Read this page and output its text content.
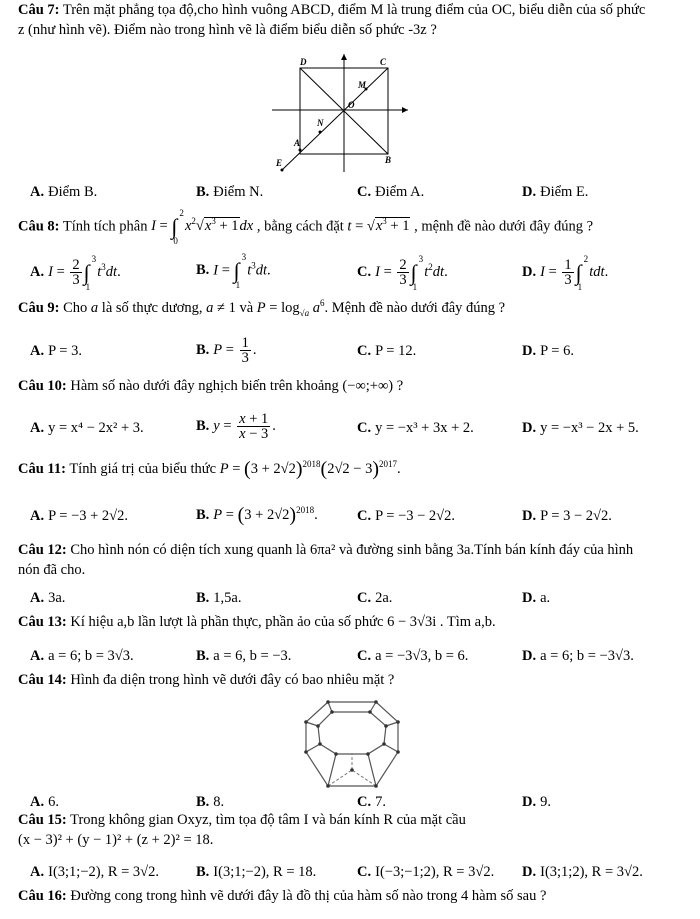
Câu 7: Trên mặt phẳng tọa độ,cho hình vuông ABCD, điểm M là trung điểm của OC, biểu diễn của số phức
z (như hình vẽ). Điểm nào trong hình vẽ là điểm biểu diễn số phức -3z ?
D	C
M
O
N
A
E	B
A. Điểm B.	B. Điểm N.	C. Điểm A.	D. Điểm E.
Câu 8: Tính tích phân I = ∫
2
0
$x^2√x^3 + 1dx$ , bằng cách đặt $t = √x^3 + 1$ , mệnh đề nào dưới đây đúng ?
A. $I = \frac{2}{3}$ ∫
3
1
$t^3dt$.	B. I = ∫
3
1
$t^3dt$.	C. $I = \frac{2}{3}$ ∫
3
1
$t^2dt$.	D. $I = \frac{1}{3}$ ∫
2
1
tdt.
Câu 9: Cho a là số thực dương, a ≠ 1 và $P = \log_{√a} a^6$. Mệnh đề nào dưới đây đúng ?
A. P = 3.	B. $P = \frac{1}{3}$ .	C. P = 12.	D. P = 6.
Câu 10: Hàm số nào dưới đây nghịch biến trên khoảng (−∞;+∞) ?
A. y = x⁴ − 2x² + 3.	B. $y = \frac{x + 1}{x - 3}$ .	C. y = −x³ + 3x + 2.	D. y = −x³ − 2x + 5.
Câu 11: Tính giá trị của biểu thức $P = (3 + 2√2)^{2018}(2√2 - 3)^{2017}$.
A. P = −3 + 2√2.	B. $P = (3 + 2√2)^{2018}$.	C. P = −3 − 2√2.	D. P = 3 − 2√2.
Câu 12: Cho hình nón có diện tích xung quanh là 6πa² và đường sinh bằng 3a.Tính bán kính đáy của hình
nón đã cho.
A. 3a.	B. 1,5a.	C. 2a.	D. a.
Câu 13: Kí hiệu a,b lần lượt là phần thực, phần ảo của số phức 6 − 3√3i . Tìm a,b.
A. a = 6; b = 3√3.	B. a = 6, b = −3.	C. a = −3√3, b = 6.	D. a = 6; b = −3√3.
Câu 14: Hình đa diện trong hình vẽ dưới đây có bao nhiêu mặt ?
A. 6.	B. 8.	C. 7.	D. 9.
Câu 15: Trong không gian Oxyz, tìm tọa độ tâm I và bán kính R của mặt cầu
(x − 3)² + (y − 1)² + (z + 2)² = 18.
A. I(3;1;−2), R = 3√2.	B. I(3;1;−2), R = 18.	C. I(−3;−1;2), R = 3√2. D. I(3;1;2), R = 3√2.
Câu 16: Đường cong trong hình vẽ dưới đây là đồ thị của hàm số nào trong 4 hàm số sau ?
